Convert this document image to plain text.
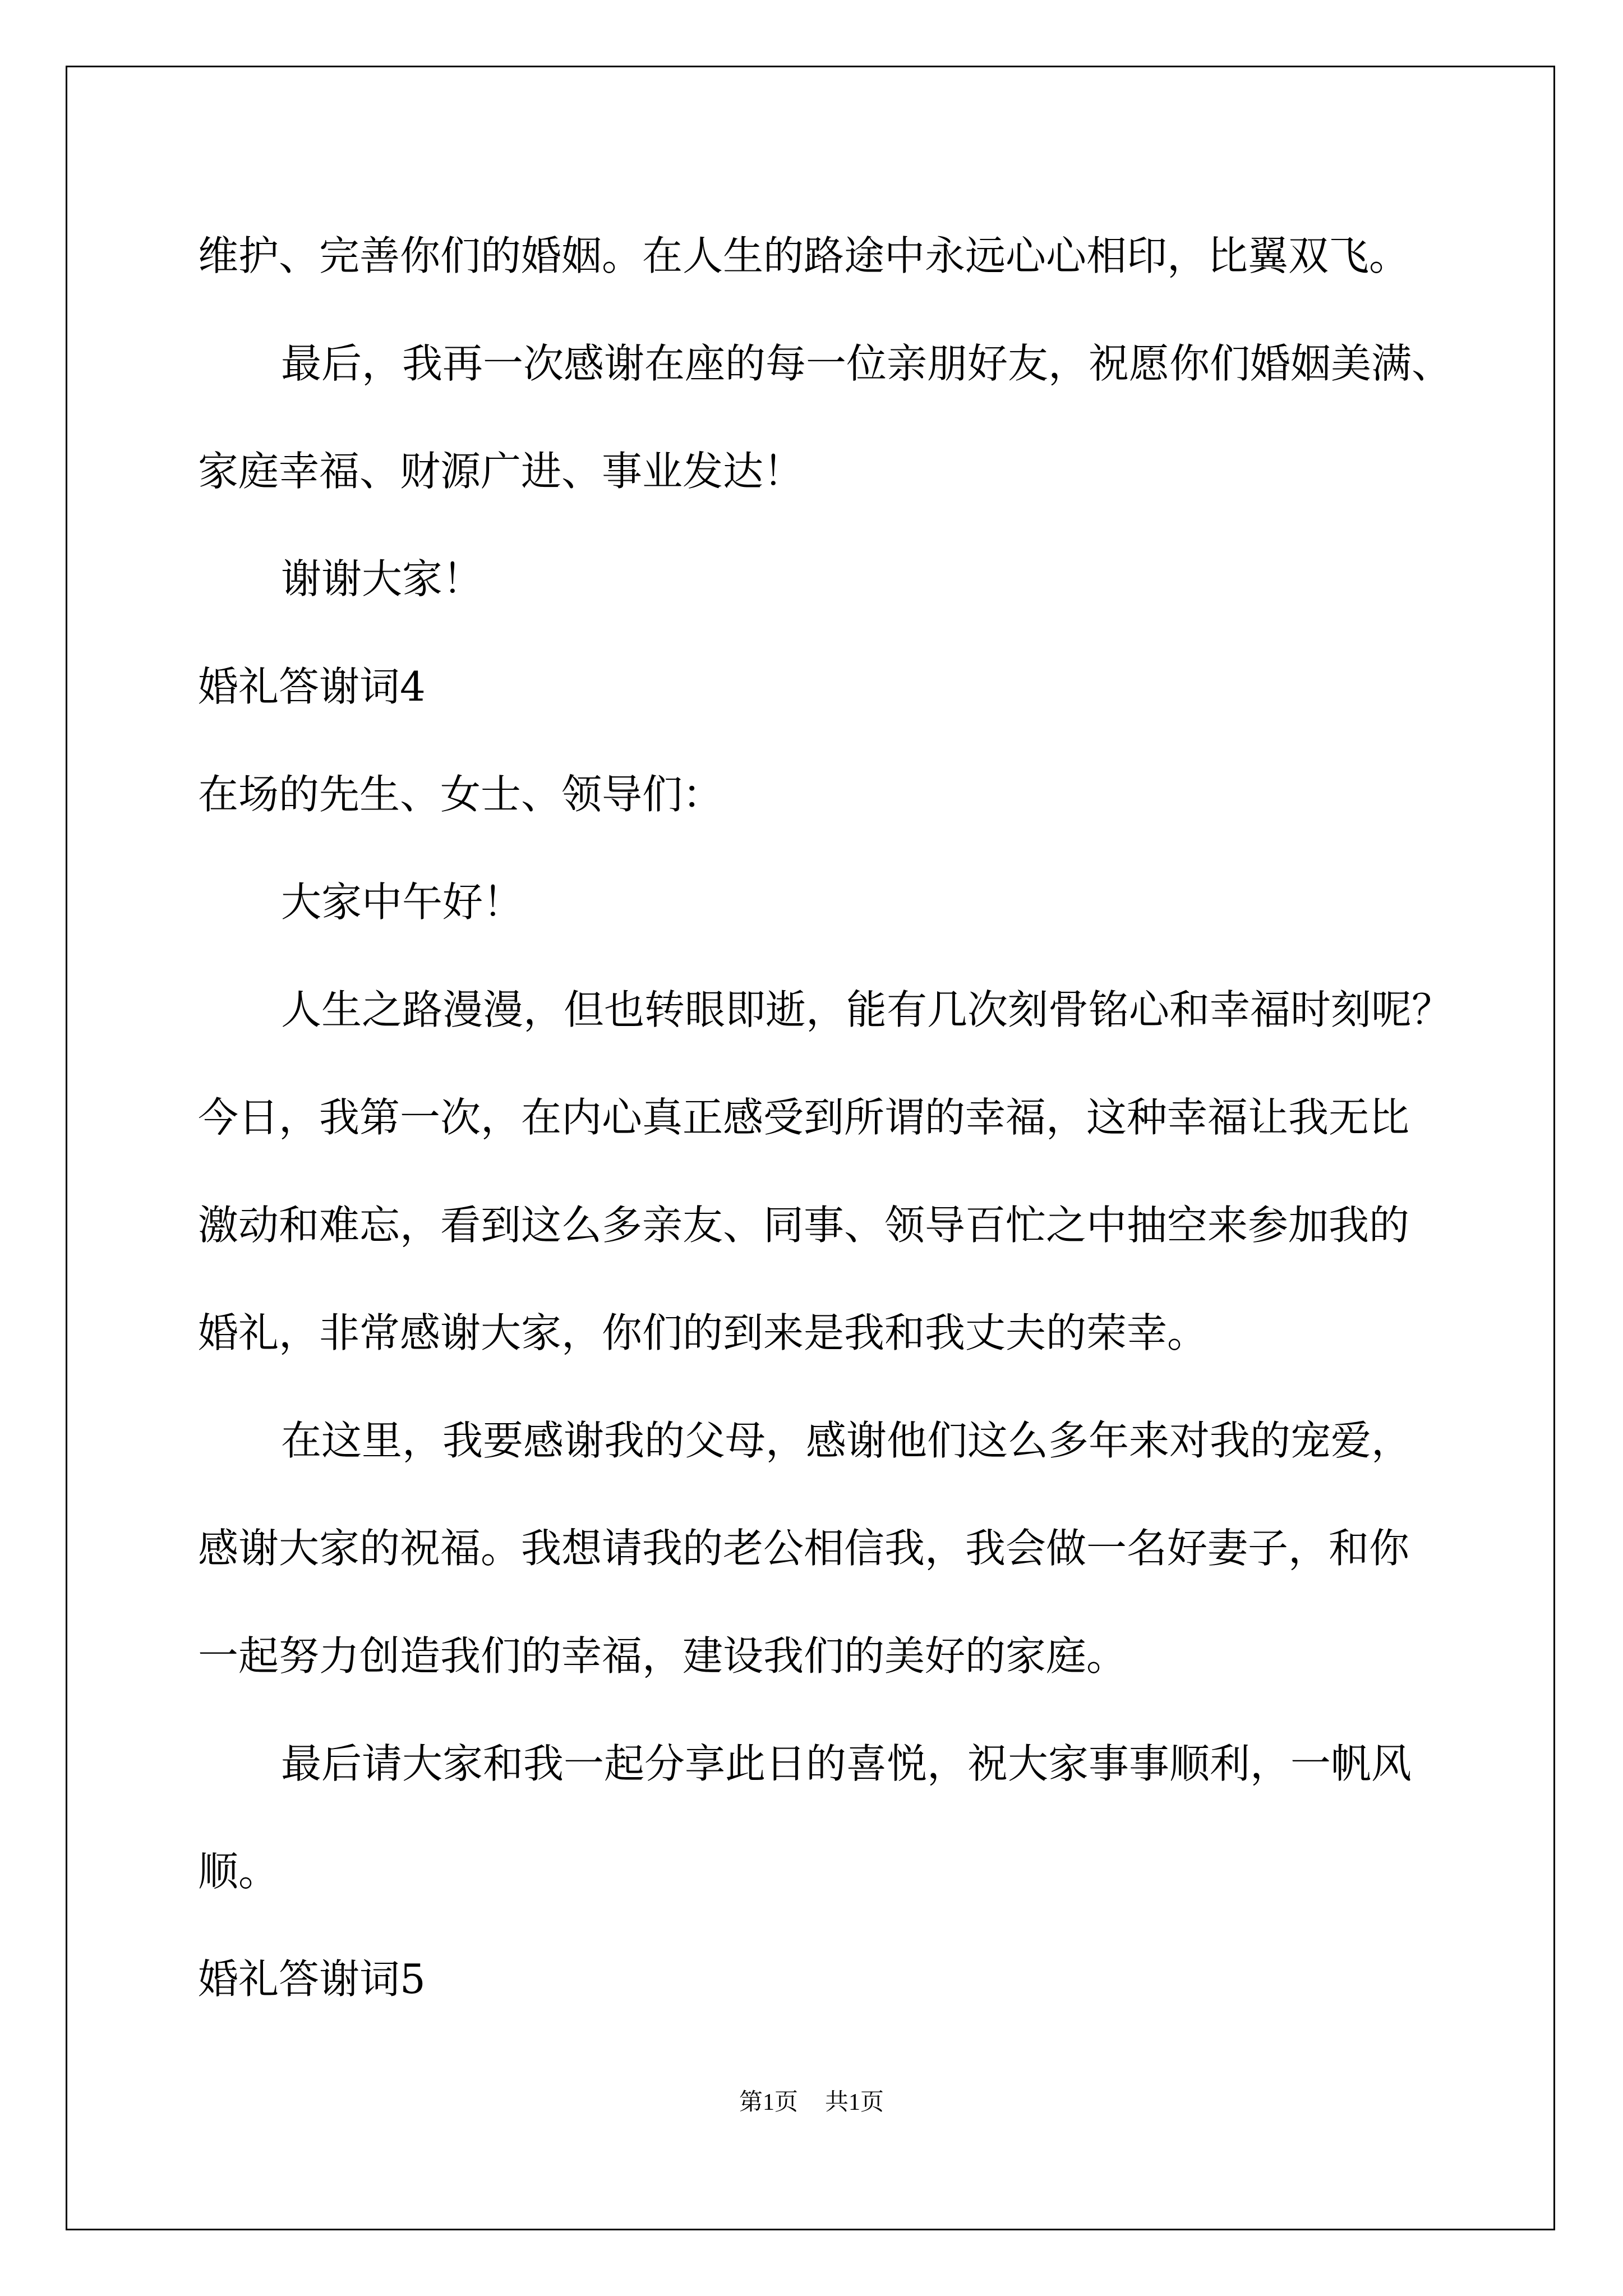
维护、完善你们的婚姻。在人生的路途中永远心心相印，比翼双飞。
最后，我再一次感谢在座的每一位亲朋好友，祝愿你们婚姻美满、
家庭幸福、财源广进、事业发达！
谢谢大家！
婚礼答谢词4
在场的先生、女士、领导们：
大家中午好！
人生之路漫漫，但也转眼即逝，能有几次刻骨铭心和幸福时刻呢？
今日，我第一次，在内心真正感受到所谓的幸福，这种幸福让我无比
激动和难忘，看到这么多亲友、同事、领导百忙之中抽空来参加我的
婚礼，非常感谢大家，你们的到来是我和我丈夫的荣幸。
在这里，我要感谢我的父母，感谢他们这么多年来对我的宠爱，
感谢大家的祝福。我想请我的老公相信我，我会做一名好妻子，和你
一起努力创造我们的幸福，建设我们的美好的家庭。
最后请大家和我一起分享此日的喜悦，祝大家事事顺利，一帆风
顺。
婚礼答谢词5
第1页 共1页
